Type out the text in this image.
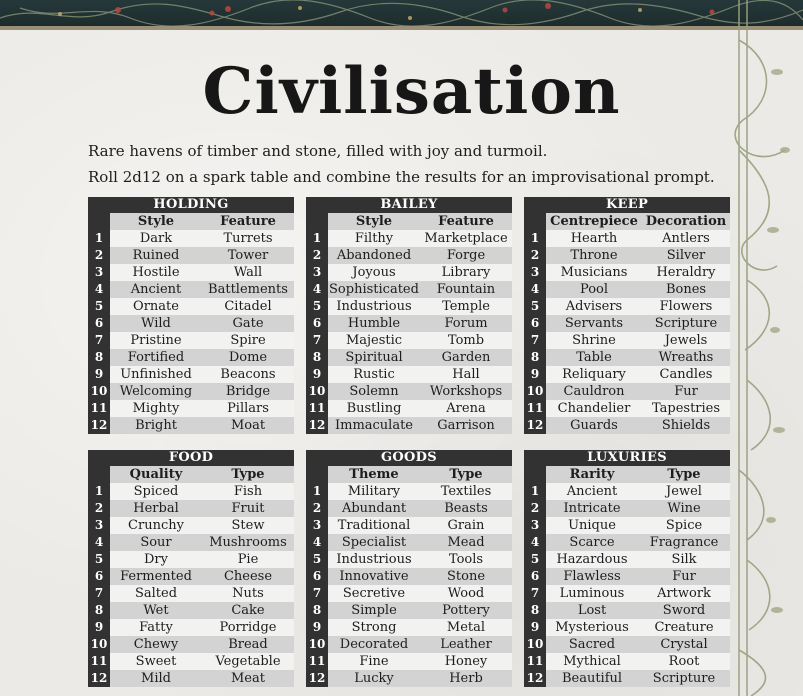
Civilisation

Rare havens of timber and stone, filled with joy and turmoil.

Roll 2d12 on a spark table and combine the results for an improvisational prompt.

HOLDING
Style	Feature
1	Dark	Turrets
2	Ruined	Tower
3	Hostile	Wall
4	Ancient	Battlements
5	Ornate	Citadel
6	Wild	Gate
7	Pristine	Spire
8	Fortified	Dome
9	Unfinished	Beacons
10 Welcoming	Bridge
11	Mighty	Pillars
12	Bright	Moat
BAILEY
Style	Feature
1	Filthy	Marketplace
2	Abandoned	Forge
3	Joyous	Library
4 Sophisticated	Fountain
5	Industrious	Temple
6	Humble	Forum
7	Majestic	Tomb
8	Spiritual	Garden
9	Rustic	Hall
10	Solemn	Workshops
11	Bustling	Arena
12 Immaculate	Garrison
KEEP
Centrepiece Decoration
1	Hearth	Antlers
2	Throne	Silver
3	Musicians	Heraldry
4	Pool	Bones
5	Advisers	Flowers
6	Servants	Scripture
7	Shrine	Jewels
8	Table	Wreaths
9	Reliquary	Candles
10	Cauldron	Fur
11	Chandelier	Tapestries
12	Guards	Shields
FOOD
Quality	Type
1	Spiced	Fish
2	Herbal	Fruit
3	Crunchy	Stew
4	Sour	Mushrooms
5	Dry	Pie
6	Fermented	Cheese
7	Salted	Nuts
8	Wet	Cake
9	Fatty	Porridge
10	Chewy	Bread
11	Sweet	Vegetable
12	Mild	Meat
GOODS
Theme	Type
1	Military	Textiles
2	Abundant	Beasts
3	Traditional	Grain
4	Specialist	Mead
5	Industrious	Tools
6	Innovative	Stone
7	Secretive	Wood
8	Simple	Pottery
9	Strong	Metal
10	Decorated	Leather
11	Fine	Honey
12	Lucky	Herb
LUXURIES
Rarity	Type
1	Ancient	Jewel
2	Intricate	Wine
3	Unique	Spice
4	Scarce	Fragrance
5	Hazardous	Silk
6	Flawless	Fur
7	Luminous	Artwork
8	Lost	Sword
9	Mysterious	Creature
10	Sacred	Crystal
11	Mythical	Root
12	Beautiful	Scripture
